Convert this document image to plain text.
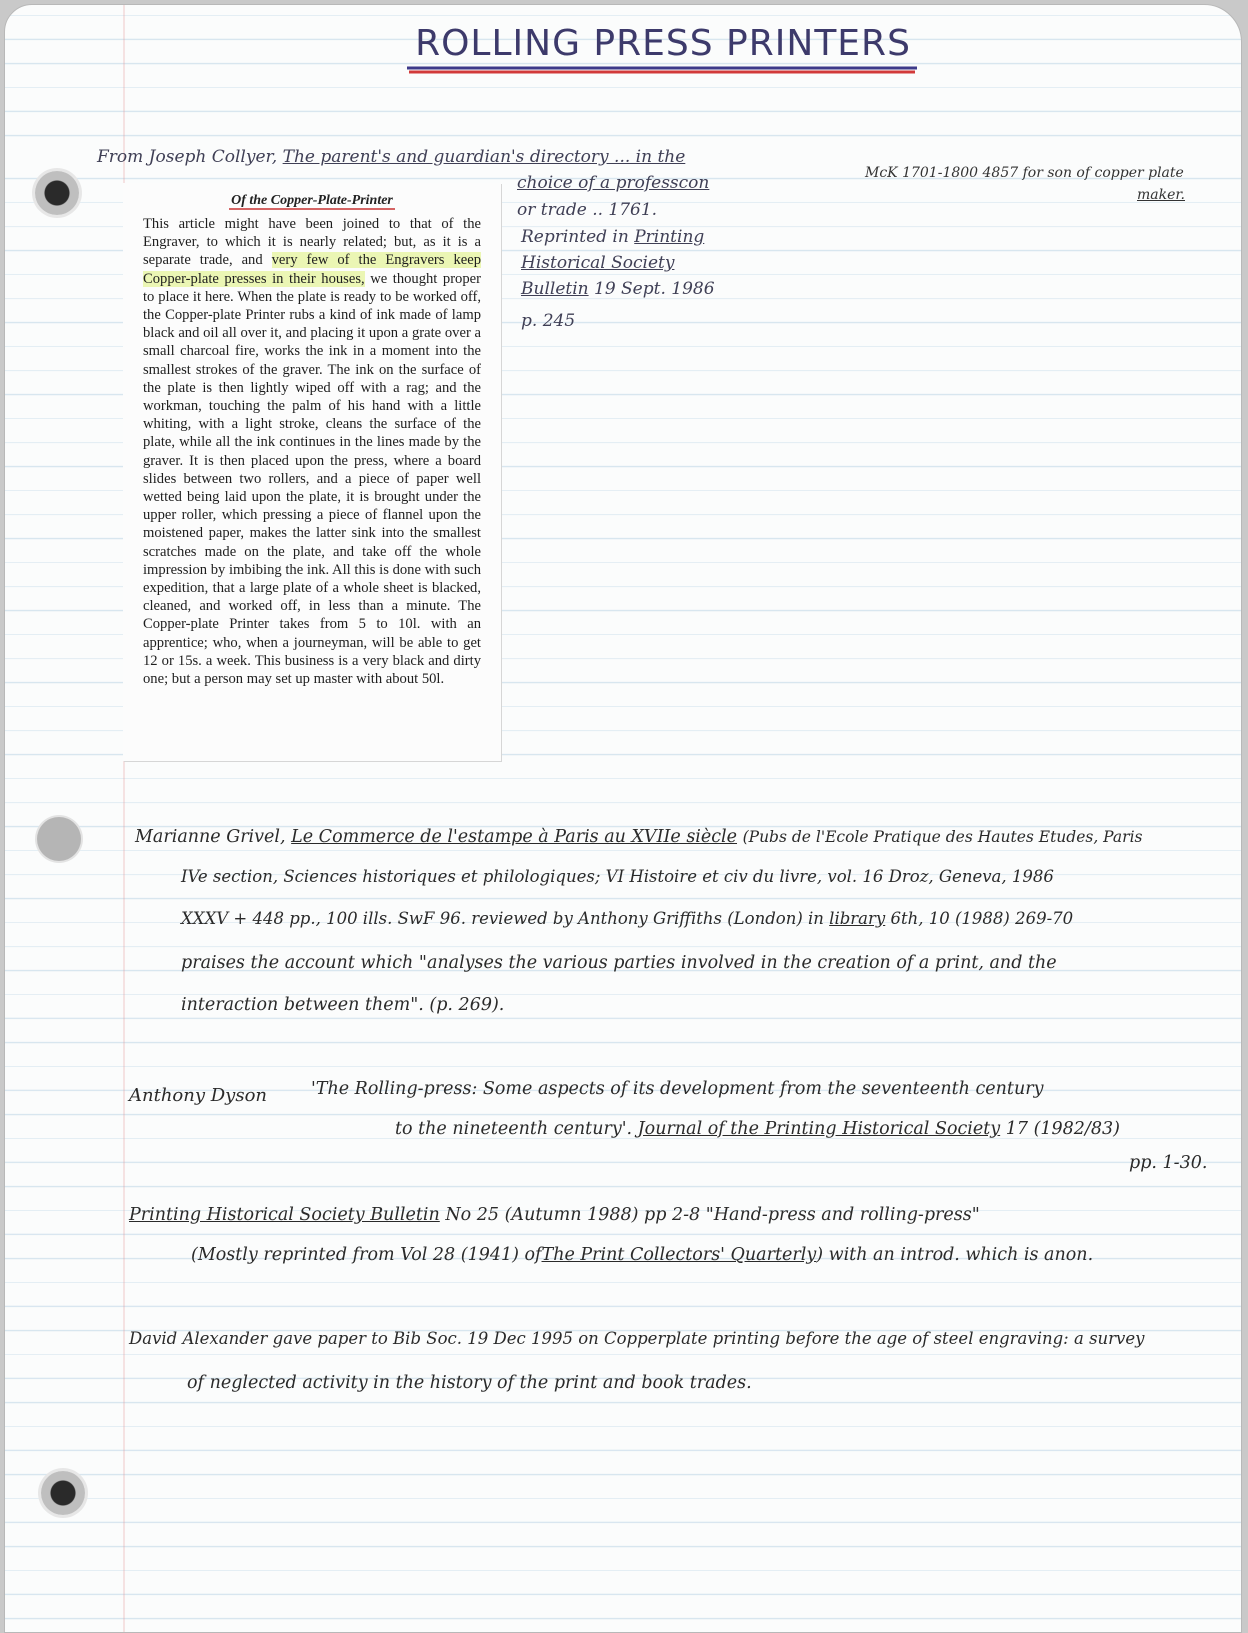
ROLLING PRESS PRINTERS
From Joseph Collyer, The parent's and guardian's directory ... in the
choice of a professcon
or trade .. 1761.
Reprinted in Printing
Historical Society
Bulletin 19 Sept. 1986
p. 245
McK 1701-1800 4857 for son of copper plate
maker.
Of the Copper-Plate-Printer
This article might have been joined to that of the Engraver, to which it is nearly related; but, as it is a separate trade, and very few of the Engravers keep Copper-plate presses in their houses, we thought proper to place it here. When the plate is ready to be worked off, the Copper-plate Printer rubs a kind of ink made of lamp black and oil all over it, and placing it upon a grate over a small charcoal fire, works the ink in a moment into the smallest strokes of the graver. The ink on the surface of the plate is then lightly wiped off with a rag; and the workman, touching the palm of his hand with a little whiting, with a light stroke, cleans the surface of the plate, while all the ink continues in the lines made by the graver. It is then placed upon the press, where a board slides between two rollers, and a piece of paper well wetted being laid upon the plate, it is brought under the upper roller, which pressing a piece of flannel upon the moistened paper, makes the latter sink into the smallest scratches made on the plate, and take off the whole impression by imbibing the ink. All this is done with such expedition, that a large plate of a whole sheet is blacked, cleaned, and worked off, in less than a minute. The Copper-plate Printer takes from 5 to 10l. with an apprentice; who, when a journeyman, will be able to get 12 or 15s. a week. This business is a very black and dirty one; but a person may set up master with about 50l.
Marianne Grivel, Le Commerce de l'estampe à Paris au XVIIe siècle (Pubs de l'Ecole Pratique des Hautes Etudes, Paris
IVe section, Sciences historiques et philologiques; VI Histoire et civ du livre, vol. 16 Droz, Geneva, 1986
XXXV + 448 pp., 100 ills. SwF 96. reviewed by Anthony Griffiths (London) in library 6th, 10 (1988) 269-70
praises the account which "analyses the various parties involved in the creation of a print, and the
interaction between them". (p. 269).
Anthony Dyson	'The Rolling-press: Some aspects of its development from the seventeenth century
to the nineteenth century'. Journal of the Printing Historical Society 17 (1982/83)
pp. 1-30.
Printing Historical Society Bulletin No 25 (Autumn 1988) pp 2-8 "Hand-press and rolling-press"
(Mostly reprinted from Vol 28 (1941) ofThe Print Collectors' Quarterly) with an introd. which is anon.
David Alexander gave paper to Bib Soc. 19 Dec 1995 on Copperplate printing before the age of steel engraving: a survey
of neglected activity in the history of the print and book trades.
